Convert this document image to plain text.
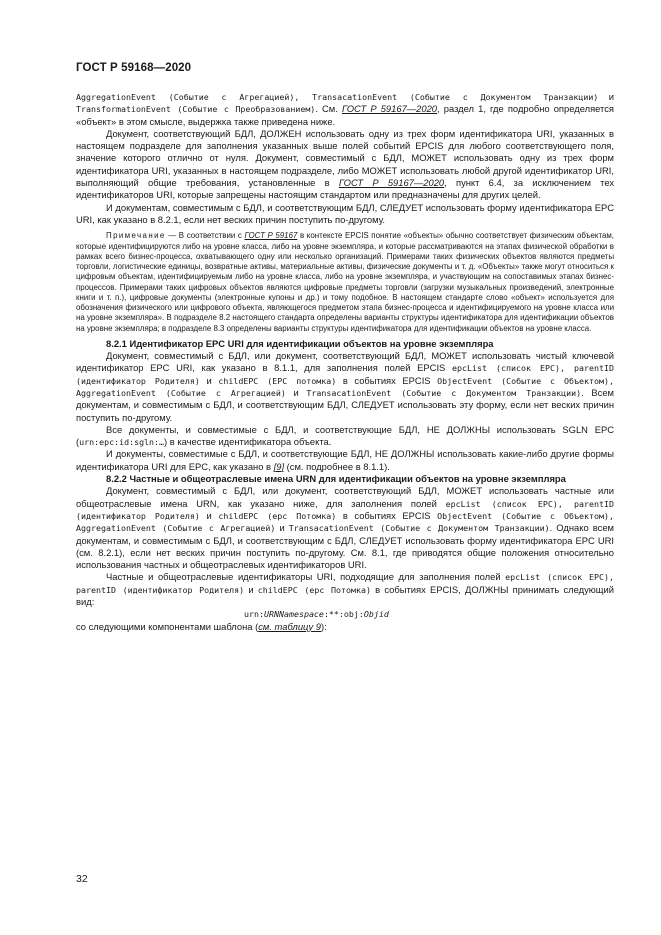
ГОСТ Р 59168—2020

AggregationEvent (Событие с Агрегацией), TransacationEvent (Событие с Документом Транзакции) и TransformationEvent (Событие с Преобразованием). См. ГОСТ Р 59167—2020, раздел 1, где подробно определяется «объект» в этом смысле, выдержка также приведена ниже.

Документ, соответствующий БДЛ, ДОЛЖЕН использовать одну из трех форм идентификатора URI, указанных в настоящем подразделе для заполнения указанных выше полей событий EPCIS для любого соответствующего поля, значение которого отлично от нуля. Документ, совместимый с БДЛ, МОЖЕТ использовать одну из трех форм идентификатора URI, указанных в настоящем подразделе, либо МОЖЕТ использовать любой другой идентификатор URI, выполняющий общие требования, установленные в ГОСТ Р 59167—2020, пункт 6.4, за исключением тех идентификаторов URI, которые запрещены настоящим стандартом или предназначены для других целей.

И документам, совместимым с БДЛ, и соответствующим БДЛ, СЛЕДУЕТ использовать форму идентификатора EPC URI, как указано в 8.2.1, если нет веских причин поступить по-другому.

Примечание — В соответствии с ГОСТ Р 59167 в контексте EPCIS понятие «объекты» обычно соответствует физическим объектам, которые идентифицируются либо на уровне класса, либо на уровне экземпляра, и которые рассматриваются на этапах физической обработки в рамках всего бизнес-процесса, охватывающего одну или несколько организаций. Примерами таких физических объектов являются предметы торговли, логистические единицы, возвратные активы, материальные активы, физические документы и т. д. «Объекты» также могут относиться к цифровым объектам, идентифицируемым либо на уровне класса, либо на уровне экземпляра, и участвующим на сопоставимых этапах бизнес-процессов. Примерами таких цифровых объектов являются цифровые предметы торговли (загрузки музыкальных произведений, электронные книги и т. п.), цифровые документы (электронные купоны и др.) и тому подобное. В настоящем стандарте слово «объект» используется для обозначения физического или цифрового объекта, являющегося предметом этапа бизнес-процесса и идентифицируемого на уровне класса или на уровне экземпляра». В подразделе 8.2 настоящего стандарта определены варианты структуры идентификатора для идентификации объектов на уровне экземпляра; в подразделе 8.3 определены варианты структуры идентификатора для идентификации объектов на уровне класса.

8.2.1 Идентификатор EPC URI для идентификации объектов на уровне экземпляра

Документ, совместимый с БДЛ, или документ, соответствующий БДЛ, МОЖЕТ использовать чистый ключевой идентификатор EPC URI, как указано в 8.1.1, для заполнения полей EPCIS epcList (список EPC), parentID (идентификатор Родителя) и childEPC (EPC потомка) в событиях EPCIS ObjectEvent (Событие с Объектом), AggregationEvent (Событие с Агрегацией) и TransacationEvent (Событие с Документом Транзакции). Всем документам, и совместимым с БДЛ, и соответствующим БДЛ, СЛЕДУЕТ использовать эту форму, если нет веских причин поступить по-другому.

Все документы, и совместимые с БДЛ, и соответствующие БДЛ, НЕ ДОЛЖНЫ использовать SGLN EPC (urn:epc:id:sgln:…) в качестве идентификатора объекта.

И документы, совместимые с БДЛ, и соответствующие БДЛ, НЕ ДОЛЖНЫ использовать какие-либо другие формы идентификатора URI для EPC, как указано в [9] (см. подробнее в 8.1.1).

8.2.2 Частные и общеотраслевые имена URN для идентификации объектов на уровне экземпляра

Документ, совместимый с БДЛ, или документ, соответствующий БДЛ, МОЖЕТ использовать частные или общеотраслевые имена URN, как указано ниже, для заполнения полей epcList (список EPC), parentID (идентификатор Родителя) и childEPC (epc Потомка) в событиях EPCIS ObjectEvent (Событие с Объектом), AggregationEvent (Событие с Агрегацией) и TransacationEvent (Событие с Документом Транзакции). Однако всем документам, и совместимым с БДЛ, и соответствующим с БДЛ, СЛЕДУЕТ использовать форму идентификатора EPC URI (см. 8.2.1), если нет веских причин поступить по-другому. См. 8.1, где приводятся общие положения относительно использования частных и общеотраслевых идентификаторов URI.

Частные и общеотраслевые идентификаторы URI, подходящие для заполнения полей epcList (список EPC), parentID (идентификатор Родителя) и childEPC (epc Потомка) в событиях EPCIS, ДОЛЖНЫ принимать следующий вид:

urn:URNNamespace:**:obj:Objid

со следующими компонентами шаблона (см. таблицу 9):

32
